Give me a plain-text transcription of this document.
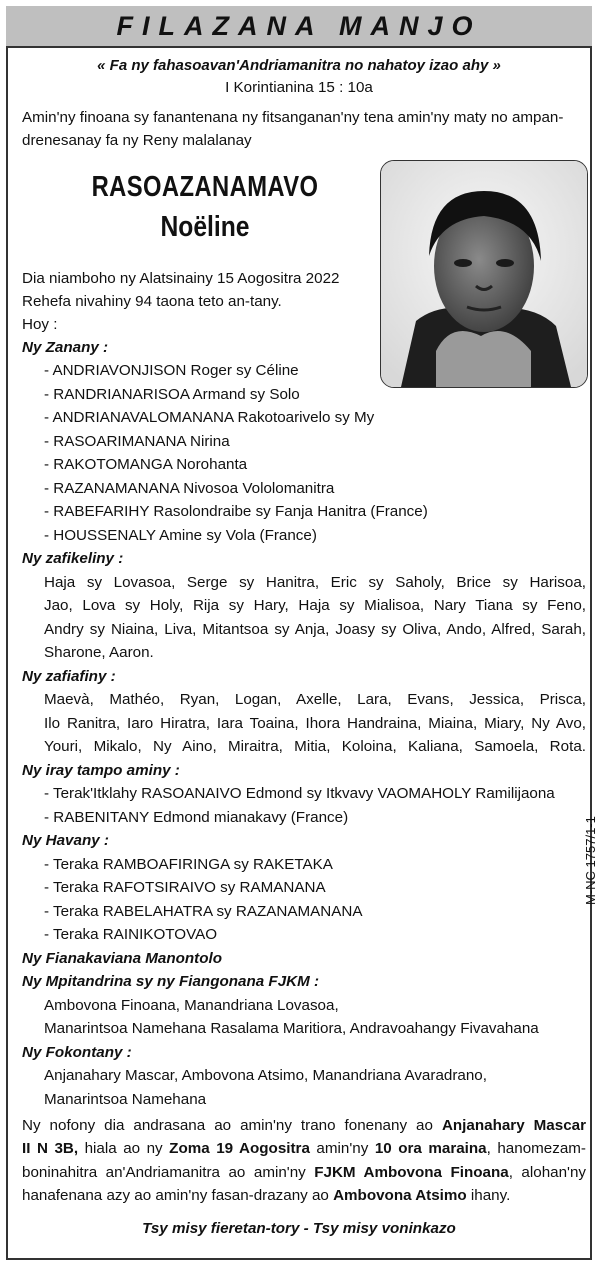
FILAZANA MANJO
« Fa ny fahasoavan'Andriamanitra no nahatoy izao ahy »
I Korintianina 15 : 10a
Amin'ny finoana sy fanantenana ny fitsanganan'ny tena amin'ny maty no ampan-
drenesanay fa ny Reny malalanay
RASOAZANAMAVO
Noëline
Dia niamboho ny Alatsinainy 15 Aogositra 2022
Rehefa nivahiny 94 taona teto an-tany.
Hoy :
Ny Zanany :
- ANDRIAVONJISON Roger sy Céline
- RANDRIANARISOA Armand sy Solo
- ANDRIANAVALOMANANA Rakotoarivelo sy My
- RASOARIMANANA Nirina
- RAKOTOMANGA Norohanta
- RAZANAMANANA Nivosoa Vololomanitra
- RABEFARIHY Rasolondraibe sy Fanja Hanitra (France)
- HOUSSENALY Amine sy Vola (France)
Ny zafikeliny :
Haja sy Lovasoa, Serge sy Hanitra, Eric sy Saholy, Brice sy Harisoa,
Jao, Lova sy Holy, Rija sy Hary, Haja sy Mialisoa, Nary Tiana sy Feno,
Andry sy Niaina, Liva, Mitantsoa sy Anja, Joasy sy Oliva, Ando, Alfred, Sarah,
Sharone, Aaron.
Ny zafiafiny :
Maevà, Mathéo, Ryan, Logan, Axelle, Lara, Evans, Jessica, Prisca,
Ilo Ranitra, Iaro Hiratra, Iara Toaina, Ihora Handraina, Miaina, Miary, Ny Avo,
Youri, Mikalo, Ny Aino, Miraitra, Mitia, Koloina, Kaliana, Samoela, Rota.
Ny iray tampo aminy :
- Terak'Itklahy RASOANAIVO Edmond sy Itkvavy VAOMAHOLY Ramilijaona
- RABENITANY Edmond mianakavy (France)
Ny Havany :
- Teraka RAMBOAFIRINGA sy RAKETAKA
- Teraka RAFOTSIRAIVO sy RAMANANA
- Teraka RABELAHATRA sy RAZANAMANANA
- Teraka RAINIKOTOVAO
Ny Fianakaviana Manontolo
Ny Mpitandrina sy ny Fiangonana FJKM :
Ambovona Finoana, Manandriana Lovasoa,
Manarintsoa Namehana Rasalama Maritiora, Andravoahangy Fivavahana
Ny Fokontany :
Anjanahary Mascar, Ambovona Atsimo, Manandriana Avaradrano,
Manarintsoa Namehana
Ny nofony dia andrasana ao amin'ny trano fonenany ao Anjanahary Mascar
II N 3B, hiala ao ny Zoma 19 Aogositra amin'ny 10 ora maraina, hanomezam-
boninahitra an'Andriamanitra ao amin'ny FJKM Ambovona Finoana, alohan'ny
hanafenana azy ao amin'ny fasan-drazany ao Ambovona Atsimo ihany.
Tsy misy fieretan-tory - Tsy misy voninkazo
M-NC 1757/1-1
